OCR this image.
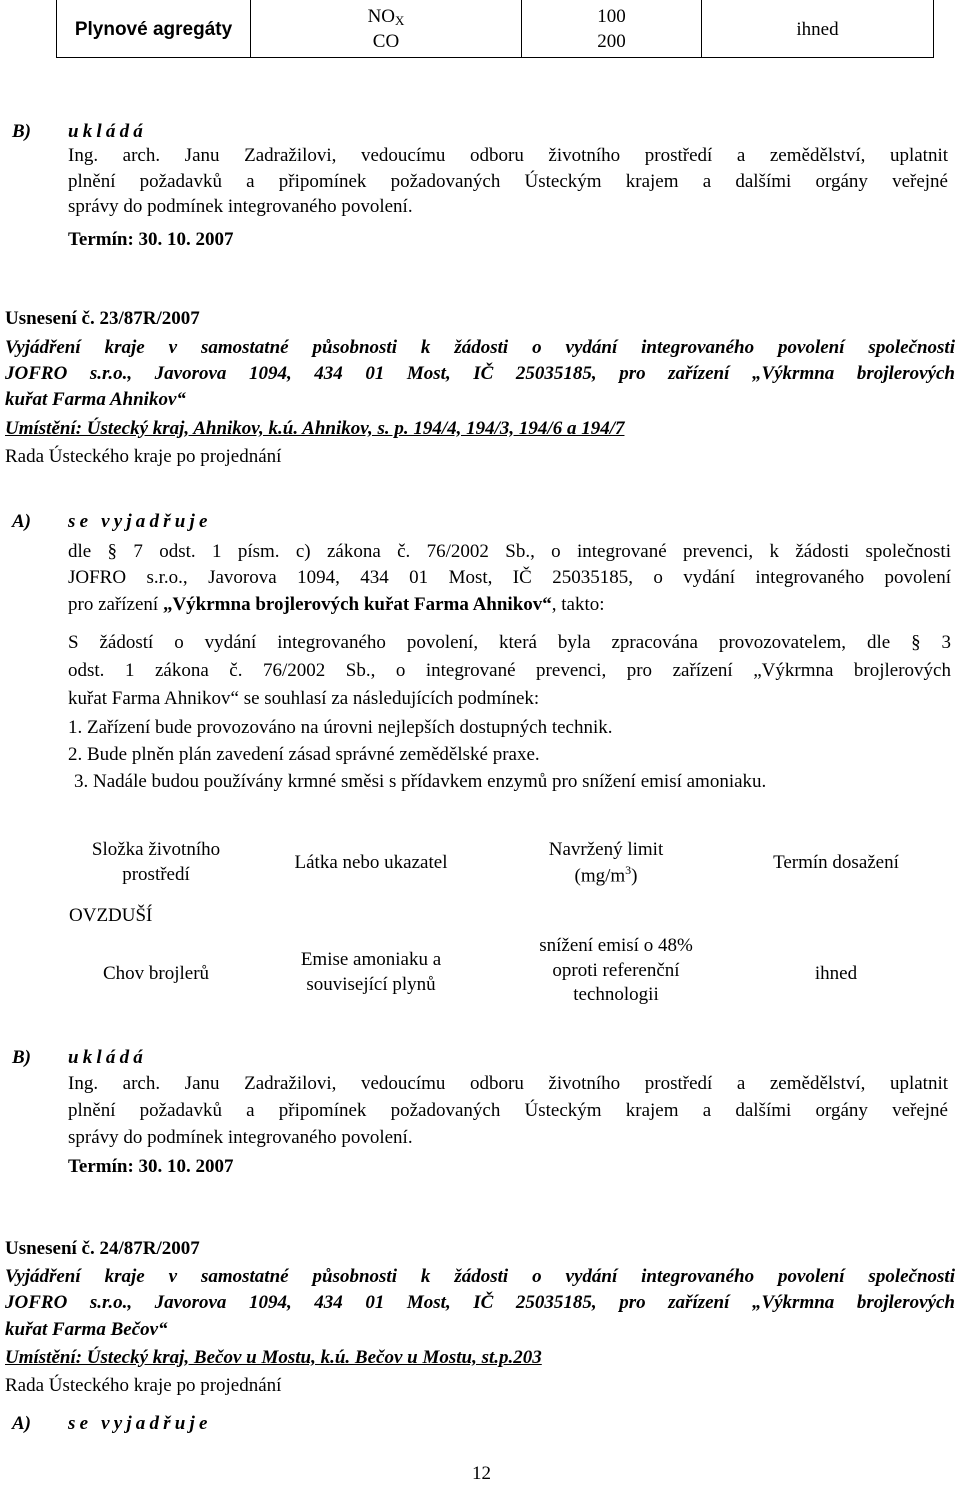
Plynové agregáty
NOX
CO
100
200
ihned
B) ukládá
Ing. arch. Janu Zadražilovi, vedoucímu odboru životního prostředí a zemědělství, uplatnit
plnění požadavků a připomínek požadovaných Ústeckým krajem a dalšími orgány veřejné
správy do podmínek integrovaného povolení.
Termín: 30. 10. 2007
Usnesení č. 23/87R/2007
Vyjádření kraje v samostatné působnosti k žádosti o vydání integrovaného povolení společnosti
JOFRO s.r.o., Javorova 1094, 434 01 Most, IČ 25035185, pro zařízení „Výkrmna brojlerových
kuřat Farma Ahnikov“
Umístění: Ústecký kraj, Ahnikov, k.ú. Ahnikov, s. p. 194/4, 194/3, 194/6 a 194/7
Rada Ústeckého kraje po projednání
A) se vyjadřuje
dle § 7 odst. 1 písm. c) zákona č. 76/2002 Sb., o integrované prevenci, k žádosti společnosti
JOFRO s.r.o., Javorova 1094, 434 01 Most, IČ 25035185, o vydání integrovaného povolení
pro zařízení „Výkrmna brojlerových kuřat Farma Ahnikov“, takto:
S žádostí o vydání integrovaného povolení, která byla zpracována provozovatelem, dle § 3
odst. 1 zákona č. 76/2002 Sb., o integrované prevenci, pro zařízení „Výkrmna brojlerových
kuřat Farma Ahnikov“ se souhlasí za následujících podmínek:
1. Zařízení bude provozováno na úrovni nejlepších dostupných technik.
2. Bude plněn plán zavedení zásad správné zemědělské praxe.
3. Nadále budou používány krmné směsi s přídavkem enzymů pro snížení emisí amoniaku.
Složka životního prostředí
Látka nebo ukazatel
Navržený limit
$(mg/m^3)$
Termín dosažení
OVZDUŠÍ
Chov brojlerů
Emise amoniaku a související plynů
snížení emisí o 48% oproti referenční technologii
ihned
B) ukládá
Ing. arch. Janu Zadražilovi, vedoucímu odboru životního prostředí a zemědělství, uplatnit
plnění požadavků a připomínek požadovaných Ústeckým krajem a dalšími orgány veřejné
správy do podmínek integrovaného povolení.
Termín: 30. 10. 2007
Usnesení č. 24/87R/2007
Vyjádření kraje v samostatné působnosti k žádosti o vydání integrovaného povolení společnosti
JOFRO s.r.o., Javorova 1094, 434 01 Most, IČ 25035185, pro zařízení „Výkrmna brojlerových
kuřat Farma Bečov“
Umístění: Ústecký kraj, Bečov u Mostu, k.ú. Bečov u Mostu, st.p.203
Rada Ústeckého kraje po projednání
A) se vyjadřuje
12
